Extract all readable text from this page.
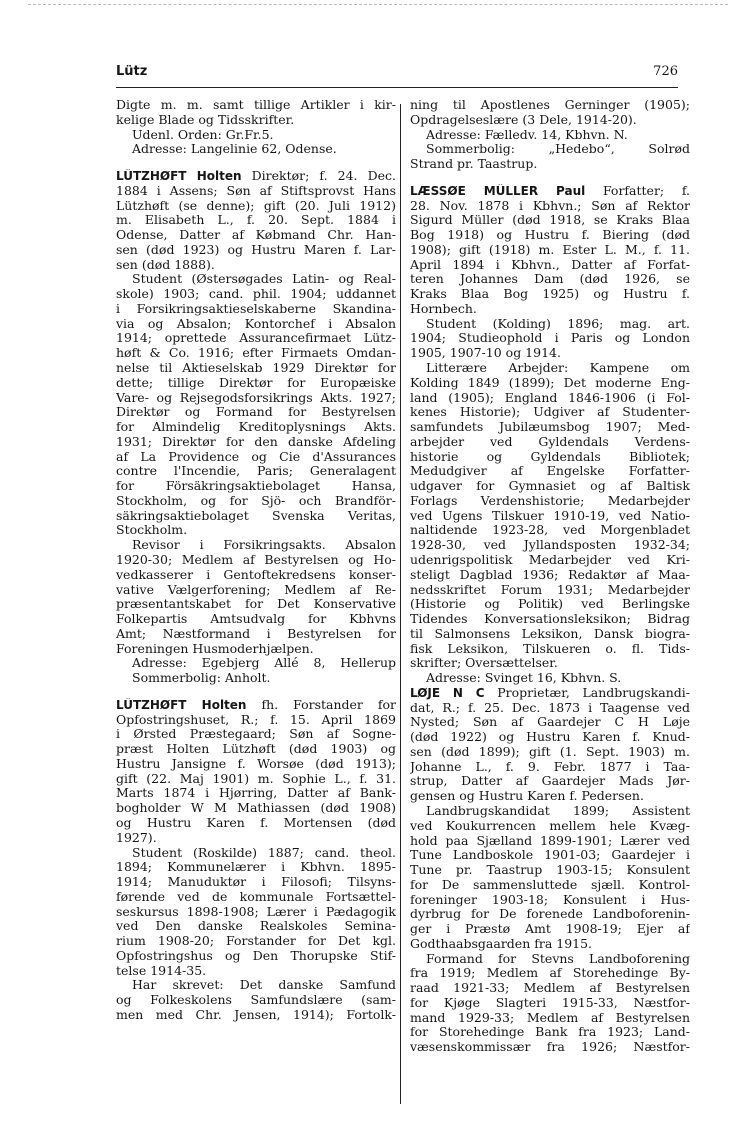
Lütz	726
Digte m. m. samt tillige Artikler i kir-
kelige Blade og Tidsskrifter.
Udenl. Orden: Gr.Fr.5.
Adresse: Langelinie 62, Odense.
LÜTZHØFT Holten Direktør; f. 24. Dec.
1884 i Assens; Søn af Stiftsprovst Hans
Lützhøft (se denne); gift (20. Juli 1912)
m. Elisabeth L., f. 20. Sept. 1884 i
Odense, Datter af Købmand Chr. Han-
sen (død 1923) og Hustru Maren f. Lar-
sen (død 1888).
Student (Østersøgades Latin- og Real-
skole) 1903; cand. phil. 1904; uddannet
i Forsikringsaktieselskaberne Skandina-
via og Absalon; Kontorchef i Absalon
1914; oprettede Assurancefirmaet Lütz-
høft & Co. 1916; efter Firmaets Omdan-
nelse til Aktieselskab 1929 Direktør for
dette; tillige Direktør for Europæiske
Vare- og Rejsegodsforsikrings Akts. 1927;
Direktør og Formand for Bestyrelsen
for Almindelig Kreditoplysnings Akts.
1931; Direktør for den danske Afdeling
af La Providence og Cie d'Assurances
contre l'Incendie, Paris; Generalagent
for Försäkringsaktiebolaget Hansa,
Stockholm, og for Sjö- och Brandför-
säkringsaktiebolaget Svenska Veritas,
Stockholm.
Revisor i Forsikringsakts. Absalon
1920-30; Medlem af Bestyrelsen og Ho-
vedkasserer i Gentoftekredsens konser-
vative Vælgerforening; Medlem af Re-
præsentantskabet for Det Konservative
Folkepartis Amtsudvalg for Kbhvns
Amt; Næstformand i Bestyrelsen for
Foreningen Husmoderhjælpen.
Adresse: Egebjerg Allé 8, Hellerup
Sommerbolig: Anholt.
LÜTZHØFT Holten fh. Forstander for
Opfostringshuset, R.; f. 15. April 1869
i Ørsted Præstegaard; Søn af Sogne-
præst Holten Lützhøft (død 1903) og
Hustru Jansigne f. Worsøe (død 1913);
gift (22. Maj 1901) m. Sophie L., f. 31.
Marts 1874 i Hjørring, Datter af Bank-
bogholder W M Mathiassen (død 1908)
og Hustru Karen f. Mortensen (død
1927).
Student (Roskilde) 1887; cand. theol.
1894; Kommunelærer i Kbhvn. 1895-
1914; Manuduktør i Filosofi; Tilsyns-
førende ved de kommunale Fortsættel-
seskursus 1898-1908; Lærer i Pædagogik
ved Den danske Realskoles Semina-
rium 1908-20; Forstander for Det kgl.
Opfostringshus og Den Thorupske Stif-
telse 1914-35.
Har skrevet: Det danske Samfund
og Folkeskolens Samfundslære (sam-
men med Chr. Jensen, 1914); Fortolk-
ning til Apostlenes Gerninger (1905);
Opdragelseslære (3 Dele, 1914-20).
Adresse: Fælledv. 14, Kbhvn. N.
Sommerbolig: „Hedebo“, Solrød
Strand pr. Taastrup.
LÆSSØE MÜLLER Paul Forfatter; f.
28. Nov. 1878 i Kbhvn.; Søn af Rektor
Sigurd Müller (død 1918, se Kraks Blaa
Bog 1918) og Hustru f. Biering (død
1908); gift (1918) m. Ester L. M., f. 11.
April 1894 i Kbhvn., Datter af Forfat-
teren Johannes Dam (død 1926, se
Kraks Blaa Bog 1925) og Hustru f.
Hornbech.
Student (Kolding) 1896; mag. art.
1904; Studieophold i Paris og London
1905, 1907-10 og 1914.
Litterære Arbejder: Kampene om
Kolding 1849 (1899); Det moderne Eng-
land (1905); England 1846-1906 (i Fol-
kenes Historie); Udgiver af Studenter-
samfundets Jubilæumsbog 1907; Med-
arbejder ved Gyldendals Verdens-
historie og Gyldendals Bibliotek;
Medudgiver af Engelske Forfatter-
udgaver for Gymnasiet og af Baltisk
Forlags Verdenshistorie; Medarbejder
ved Ugens Tilskuer 1910-19, ved Natio-
naltidende 1923-28, ved Morgenbladet
1928-30, ved Jyllandsposten 1932-34;
udenrigspolitisk Medarbejder ved Kri-
steligt Dagblad 1936; Redaktør af Maa-
nedsskriftet Forum 1931; Medarbejder
(Historie og Politik) ved Berlingske
Tidendes Konversationsleksikon; Bidrag
til Salmonsens Leksikon, Dansk biogra-
fisk Leksikon, Tilskueren o. fl. Tids-
skrifter; Oversættelser.
Adresse: Svinget 16, Kbhvn. S.
LØJE N C Proprietær, Landbrugskandi-
dat, R.; f. 25. Dec. 1873 i Taagense ved
Nysted; Søn af Gaardejer C H Løje
(død 1922) og Hustru Karen f. Knud-
sen (død 1899); gift (1. Sept. 1903) m.
Johanne L., f. 9. Febr. 1877 i Taa-
strup, Datter af Gaardejer Mads Jør-
gensen og Hustru Karen f. Pedersen.
Landbrugskandidat 1899; Assistent
ved Koukurrencen mellem hele Kvæg-
hold paa Sjælland 1899-1901; Lærer ved
Tune Landboskole 1901-03; Gaardejer i
Tune pr. Taastrup 1903-15; Konsulent
for De sammensluttede sjæll. Kontrol-
foreninger 1903-18; Konsulent i Hus-
dyrbrug for De forenede Landboforenin-
ger i Præstø Amt 1908-19; Ejer af
Godthaabsgaarden fra 1915.
Formand for Stevns Landboforening
fra 1919; Medlem af Storehedinge By-
raad 1921-33; Medlem af Bestyrelsen
for Kjøge Slagteri 1915-33, Næstfor-
mand 1929-33; Medlem af Bestyrelsen
for Storehedinge Bank fra 1923; Land-
væsenskommissær fra 1926; Næstfor-
